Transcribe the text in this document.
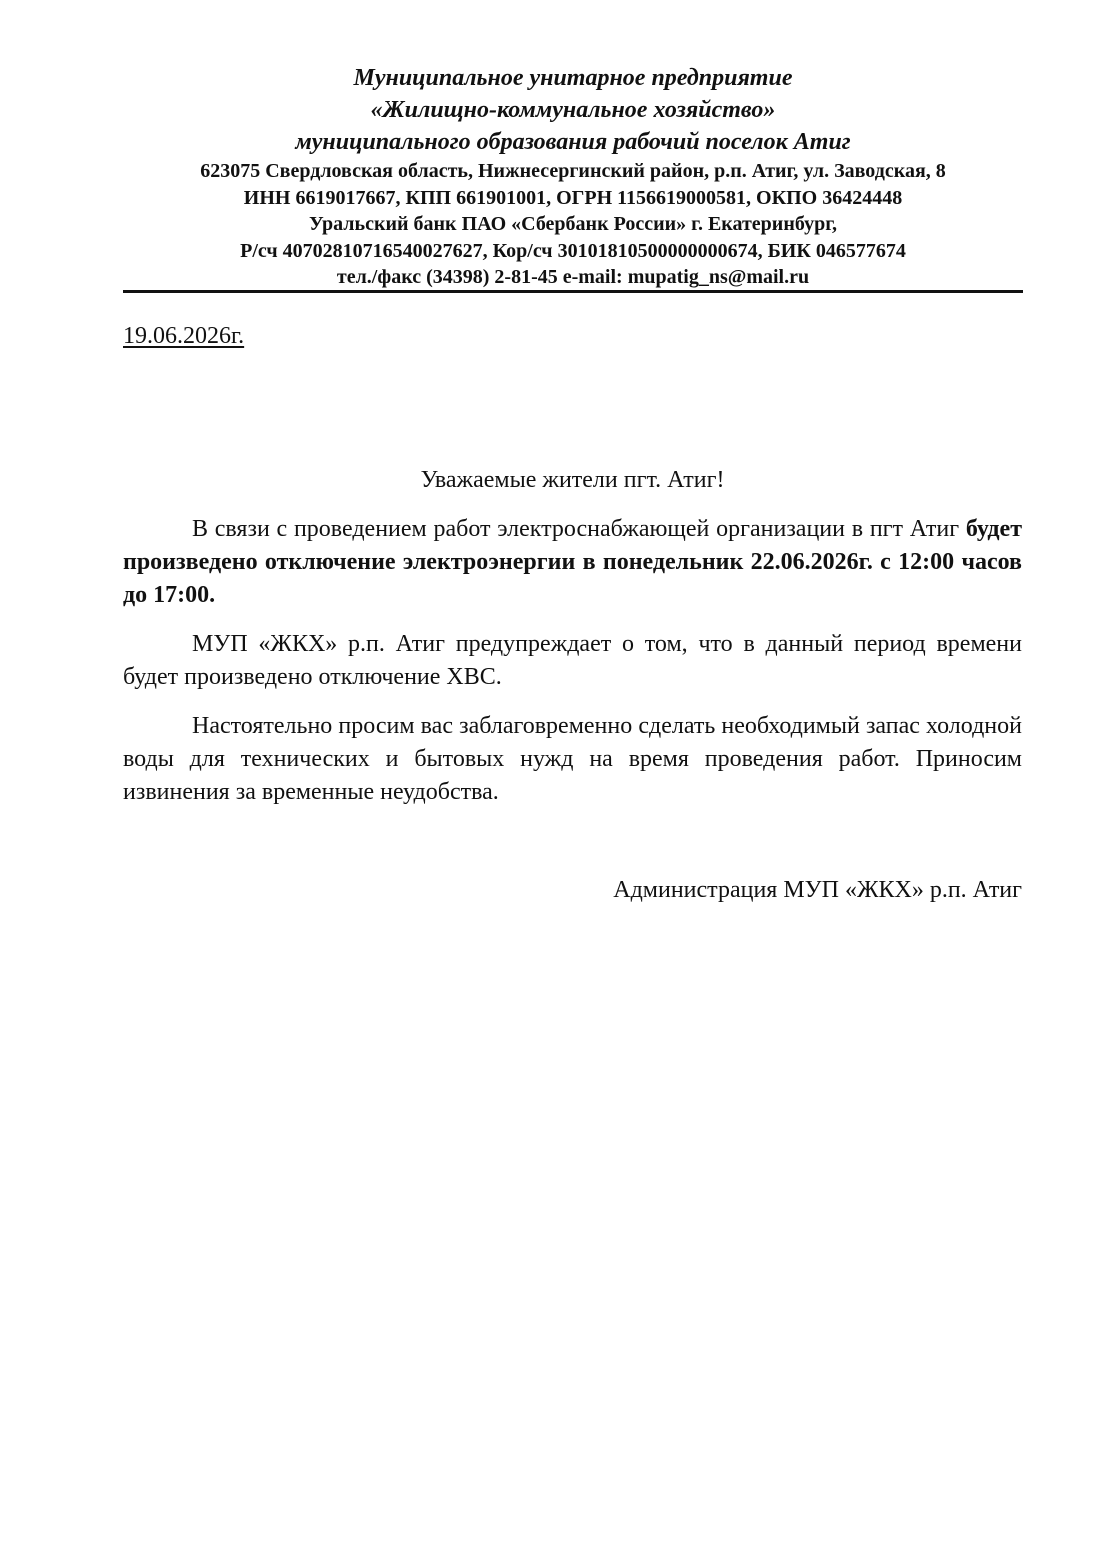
Муниципальное унитарное предприятие
«Жилищно-коммунальное хозяйство»
муниципального образования рабочий поселок Атиг
623075 Свердловская область, Нижнесергинский район, р.п. Атиг, ул. Заводская, 8
ИНН 6619017667, КПП 661901001, ОГРН 1156619000581, ОКПО 36424448
Уральский банк ПАО «Сбербанк России» г. Екатеринбург,
Р/сч 40702810716540027627, Кор/сч 30101810500000000674, БИК 046577674
тел./факс (34398) 2-81-45 e-mail: mupatig_ns@mail.ru
19.06.2026г.
Уважаемые жители пгт. Атиг!
В связи с проведением работ электроснабжающей организации в пгт Атиг будет произведено отключение электроэнергии в понедельник 22.06.2026г. с 12:00 часов до 17:00.
МУП «ЖКХ» р.п. Атиг предупреждает о том, что в данный период времени будет произведено отключение ХВС.
Настоятельно просим вас заблаговременно сделать необходимый запас холодной воды для технических и бытовых нужд на время проведения работ. Приносим извинения за временные неудобства.
Администрация МУП «ЖКХ» р.п. Атиг
